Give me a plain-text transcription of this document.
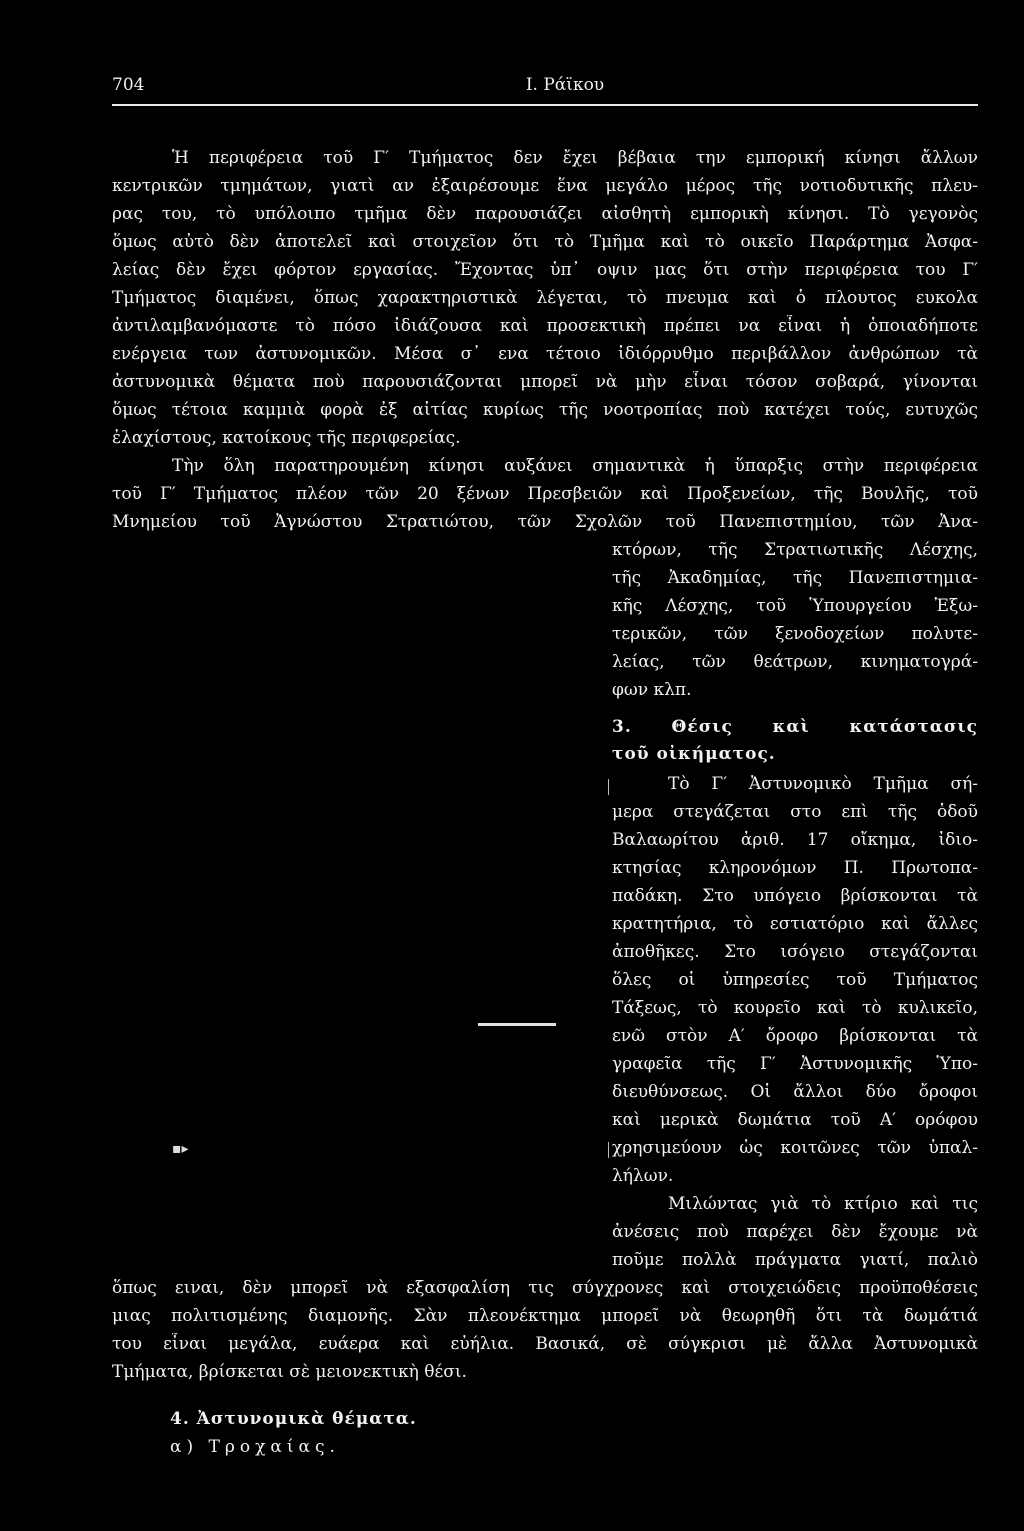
704	Ι. Ράϊκου
Ἡ περιφέρεια τοῦ Γ′ Τμήματος δεν ἔχει βέβαια την εμπορική κίνησι ἄλλων
κεντρικῶν τμημάτων, γιατὶ αν ἐξαιρέσουμε ἕνα μεγάλο μέρος τῆς νοτιοδυτικῆς πλευ-
ρας του, τὸ υπόλοιπο τμῆμα δὲν παρουσιάζει αἰσθητὴ εμπορικὴ κίνησι. Τὸ γεγονὸς
ὅμως αὐτὸ δὲν ἀποτελεῖ καὶ στοιχεῖον ὅτι τὸ Τμῆμα καὶ τὸ οικεῖο Παράρτημα Ἀσφα-
λείας δὲν ἔχει φόρτον εργασίας. Ἔχοντας ὑπ᾽ οψιν μας ὅτι στὴν περιφέρεια του Γ′
Τμήματος διαμένει, ὅπως χαρακτηριστικὰ λέγεται, τὸ πνευμα καὶ ὁ πλουτος ευκολα
ἀντιλαμβανόμαστε τὸ πόσο ἰδιάζουσα καὶ προσεκτικὴ πρέπει να εἶναι ἡ ὁποιαδήποτε
ενέργεια των ἀστυνομικῶν. Μέσα σ᾽ ενα τέτοιο ἰδιόρρυθμο περιβάλλον ἀνθρώπων τὰ
ἀστυνομικὰ θέματα ποὺ παρουσιάζονται μπορεῖ νὰ μὴν εἶναι τόσον σοβαρά, γίνονται
ὅμως τέτοια καμμιὰ φορὰ ἐξ αἰτίας κυρίως τῆς νοοτροπίας ποὺ κατέχει τούς, ευτυχῶς
ἐλαχίστους, κατοίκους τῆς περιφερείας.
Τὴν ὅλη παρατηρουμένη κίνησι αυξάνει σημαντικὰ ἡ ὕπαρξις στὴν περιφέρεια
τοῦ Γ′ Τμήματος πλέον τῶν 20 ξένων Πρεσβειῶν καὶ Προξενείων, τῆς Βουλῆς, τοῦ
Μνημείου τοῦ Ἀγνώστου Στρατιώτου, τῶν Σχολῶν τοῦ Πανεπιστημίου, τῶν Ἀνα-
κτόρων, τῆς Στρατιωτικῆς Λέσχης,
τῆς Ἀκαδημίας, τῆς Πανεπιστημια-
κῆς Λέσχης, τοῦ Ὑπουργείου Ἐξω-
τερικῶν, τῶν ξενοδοχείων πολυτε-
λείας, τῶν θεάτρων, κινηματογρά-
φων κλπ.
3. Θέσις καὶ κατάστασις
τοῦ οἰκήματος.
Τὸ Γ′ Ἀστυνομικὸ Τμῆμα σή-
μερα στεγάζεται στο επὶ τῆς ὁδοῦ
Βαλαωρίτου ἀριθ. 17 οἴκημα, ἰδιο-
κτησίας κληρονόμων Π. Πρωτοπα-
παδάκη. Στο υπόγειο βρίσκονται τὰ
κρατητήρια, τὸ εστιατόριο καὶ ἄλλες
ἀποθῆκες. Στο ισόγειο στεγάζονται
ὅλες οἱ ὑπηρεσίες τοῦ Τμήματος
Τάξεως, τὸ κουρεῖο καὶ τὸ κυλικεῖο,
ενῶ στὸν Α′ ὄροφο βρίσκονται τὰ
γραφεῖα τῆς Γ′ Ἀστυνομικῆς Ὑπο-
διευθύνσεως. Οἱ ἄλλοι δύο ὄροφοι
καὶ μερικὰ δωμάτια τοῦ Α′ ορόφου
χρησιμεύουν ὡς κοιτῶνες τῶν ὑπαλ-
λήλων.
Μιλώντας γιὰ τὸ κτίριο καὶ τις
ἀνέσεις ποὺ παρέχει δὲν ἔχουμε νὰ
ποῦμε πολλὰ πράγματα γιατί, παλιὸ
ὅπως ειναι, δὲν μπορεῖ νὰ εξασφαλίση τις σύγχρονες καὶ στοιχειώδεις προϋποθέσεις
μιας πολιτισμένης διαμονῆς. Σὰν πλεονέκτημα μπορεῖ νὰ θεωρηθῆ ὅτι τὰ δωμάτιά
του εἶναι μεγάλα, ευάερα καὶ εὐήλια. Βασικά, σὲ σύγκρισι μὲ ἄλλα Ἀστυνομικὰ
Τμήματα, βρίσκεται σὲ μειονεκτικὴ θέσι.
4. Ἀστυνομικὰ θέματα.
α) Τροχαίας.
▪▸
